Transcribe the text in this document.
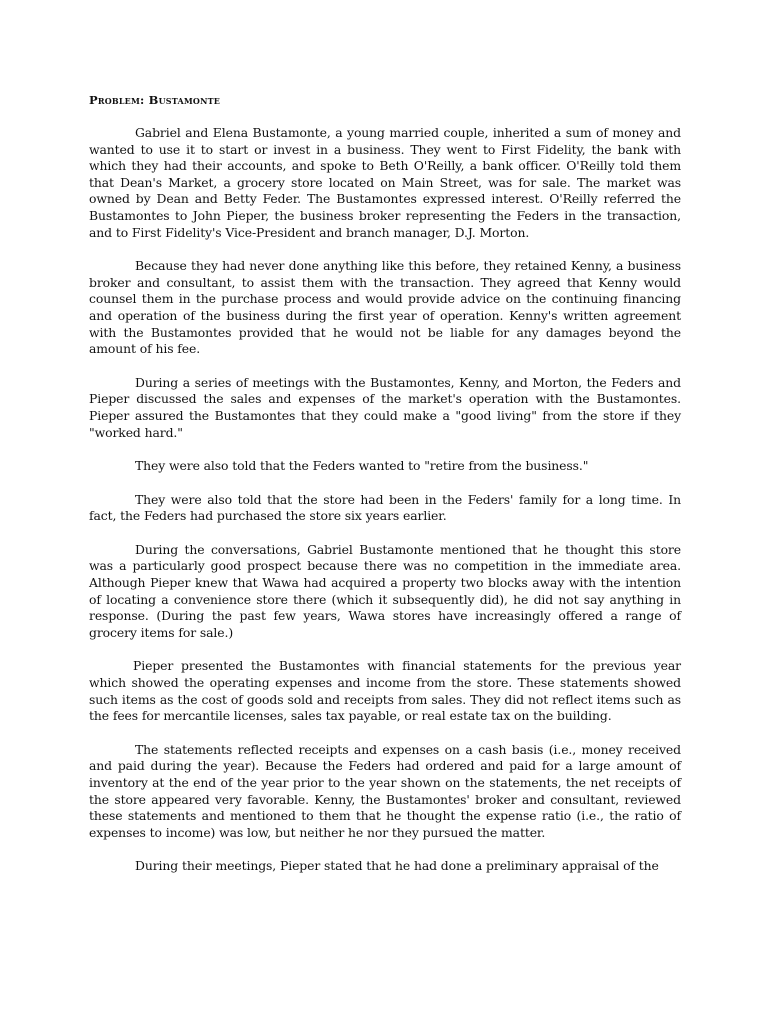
Problem: Bustamonte

Gabriel and Elena Bustamonte, a young married couple, inherited a sum of money and wanted to use it to start or invest in a business. They went to First Fidelity, the bank with which they had their accounts, and spoke to Beth O'Reilly, a bank officer. O'Reilly told them that Dean's Market, a grocery store located on Main Street, was for sale. The market was owned by Dean and Betty Feder. The Bustamontes expressed interest. O'Reilly referred the Bustamontes to John Pieper, the business broker representing the Feders in the transaction, and to First Fidelity's Vice-President and branch manager, D.J. Morton.

Because they had never done anything like this before, they retained Kenny, a business broker and consultant, to assist them with the transaction. They agreed that Kenny would counsel them in the purchase process and would provide advice on the continuing financing and operation of the business during the first year of operation. Kenny's written agreement with the Bustamontes provided that he would not be liable for any damages beyond the amount of his fee.

During a series of meetings with the Bustamontes, Kenny, and Morton, the Feders and Pieper discussed the sales and expenses of the market's operation with the Bustamontes. Pieper assured the Bustamontes that they could make a "good living" from the store if they "worked hard."

They were also told that the Feders wanted to "retire from the business."

They were also told that the store had been in the Feders' family for a long time. In fact, the Feders had purchased the store six years earlier.

During the conversations, Gabriel Bustamonte mentioned that he thought this store was a particularly good prospect because there was no competition in the immediate area. Although Pieper knew that Wawa had acquired a property two blocks away with the intention of locating a convenience store there (which it subsequently did), he did not say anything in response. (During the past few years, Wawa stores have increasingly offered a range of grocery items for sale.)

Pieper presented the Bustamontes with financial statements for the previous year which showed the operating expenses and income from the store. These statements showed such items as the cost of goods sold and receipts from sales. They did not reflect items such as the fees for mercantile licenses, sales tax payable, or real estate tax on the building.

The statements reflected receipts and expenses on a cash basis (i.e., money received and paid during the year). Because the Feders had ordered and paid for a large amount of inventory at the end of the year prior to the year shown on the statements, the net receipts of the store appeared very favorable. Kenny, the Bustamontes' broker and consultant, reviewed these statements and mentioned to them that he thought the expense ratio (i.e., the ratio of expenses to income) was low, but neither he nor they pursued the matter.

During their meetings, Pieper stated that he had done a preliminary appraisal of the
